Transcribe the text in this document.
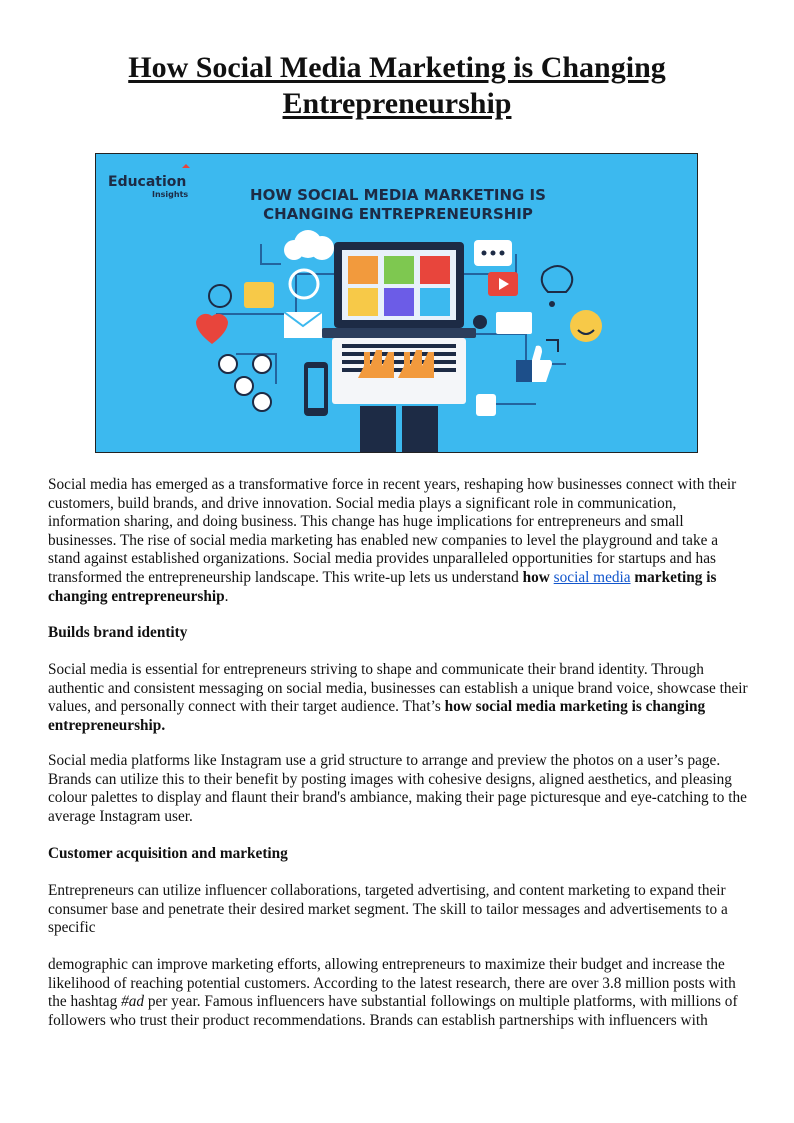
How Social Media Marketing is Changing Entrepreneurship
Education
Insights	HOW SOCIAL MEDIA MARKETING IS
CHANGING ENTREPRENEURSHIP

Social media has emerged as a transformative force in recent years, reshaping how businesses connect with their customers, build brands, and drive innovation. Social media plays a significant role in communication, information sharing, and doing business. This change has huge implications for entrepreneurs and small businesses. The rise of social media marketing has enabled new companies to level the playground and take a stand against established organizations. Social media provides unparalleled opportunities for startups and has transformed the entrepreneurship landscape. This write-up lets us understand how social media marketing is changing entrepreneurship.

Builds brand identity

Social media is essential for entrepreneurs striving to shape and communicate their brand identity. Through authentic and consistent messaging on social media, businesses can establish a unique brand voice, showcase their values, and personally connect with their target audience. That’s how social media marketing is changing entrepreneurship.

Social media platforms like Instagram use a grid structure to arrange and preview the photos on a user’s page. Brands can utilize this to their benefit by posting images with cohesive designs, aligned aesthetics, and pleasing colour palettes to display and flaunt their brand's ambiance, making their page picturesque and eye-catching to the average Instagram user.

Customer acquisition and marketing

Entrepreneurs can utilize influencer collaborations, targeted advertising, and content marketing to expand their consumer base and penetrate their desired market segment. The skill to tailor messages and advertisements to a specific

demographic can improve marketing efforts, allowing entrepreneurs to maximize their budget and increase the likelihood of reaching potential customers. According to the latest research, there are over 3.8 million posts with the hashtag #ad per year. Famous influencers have substantial followings on multiple platforms, with millions of followers who trust their product recommendations. Brands can establish partnerships with influencers with
